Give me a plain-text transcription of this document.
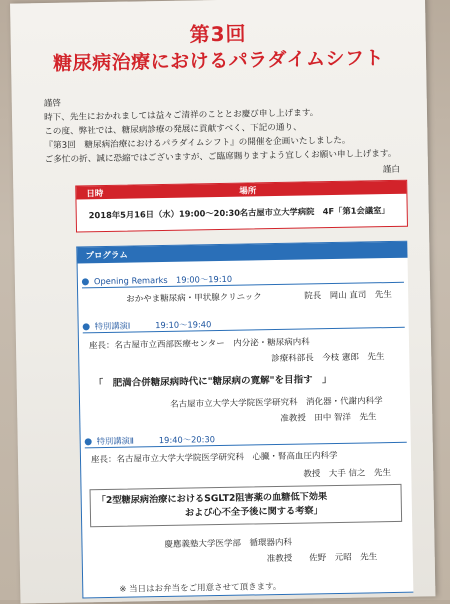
第3回
糖尿病治療におけるパラダイムシフト

謹啓

時下、先生におかれましては益々ご清祥のこととお慶び申し上げます。

この度、弊社では、糖尿病診療の発展に貢献すべく、下記の通り、

『第3回　糖尿病治療におけるパラダイムシフト』の開催を企画いたしました。

ご多忙の折、誠に恐縮ではございますが、ご臨席賜りますよう宜しくお願い申し上げます。

謹白
日時	場所
2018年5月16日（水）19:00～20:30 名古屋市立大学病院　4F「第1会議室」
プログラム
Opening Remarks　19:00～19:10
おかやま糖尿病・甲状腺クリニック　　　　　院長　岡山 直司　先生
特別講演Ⅰ　　　19:10～19:40
座長：名古屋市立西部医療センター　内分泌・糖尿病内科
診療科部長　今枝 憲郎　先生
「　肥満合併糖尿病時代に"糖尿病の寛解"を目指す　」
名古屋市立大学大学院医学研究科　消化器・代謝内科学
准教授　田中 智洋　先生
特別講演Ⅱ　　　19:40～20:30
座長：名古屋市立大学大学院医学研究科　心臓・腎高血圧内科学
教授　大手 信之　先生
「2型糖尿病治療におけるSGLT2阻害薬の血糖低下効果
および心不全予後に関する考察」
慶應義塾大学医学部　循環器内科
准教授　　佐野　元昭　先生
※ 当日はお弁当をご用意させて頂きます。
